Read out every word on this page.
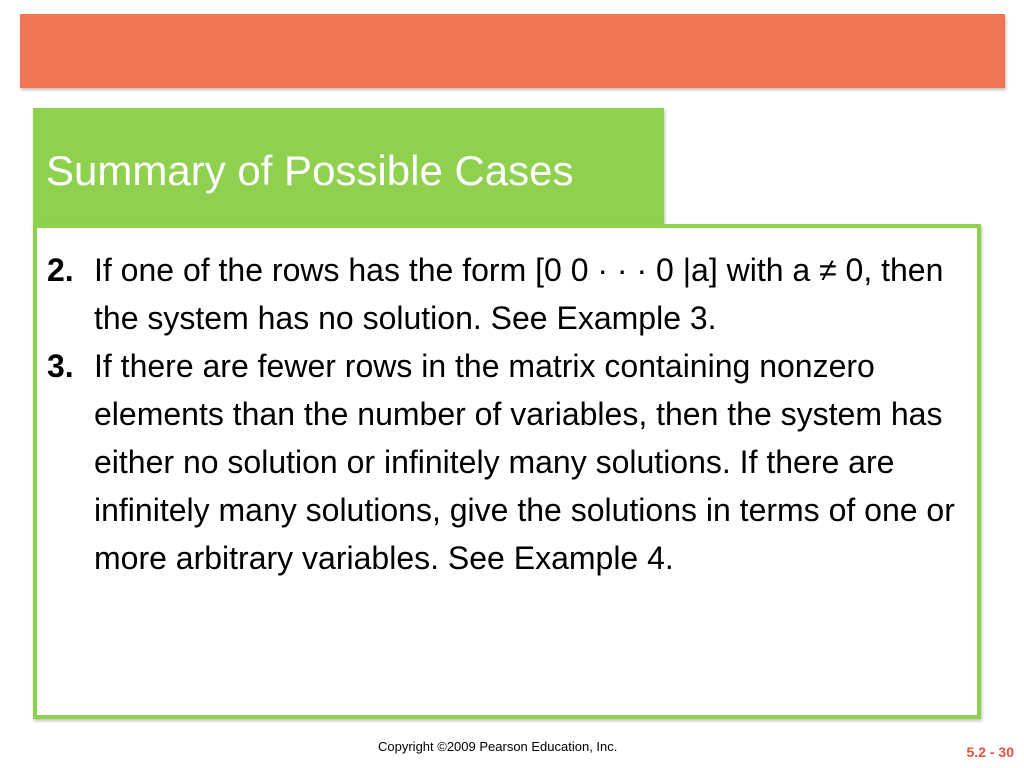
Summary of Possible Cases
2. If one of the rows has the form [0 0 · · · 0 |a] with a ≠ 0, then the system has no solution. See Example 3.
3. If there are fewer rows in the matrix containing nonzero elements than the number of variables, then the system has either no solution or infinitely many solutions. If there are infinitely many solutions, give the solutions in terms of one or more arbitrary variables. See Example 4.
Copyright ©2009 Pearson Education, Inc.	5.2 - 30
